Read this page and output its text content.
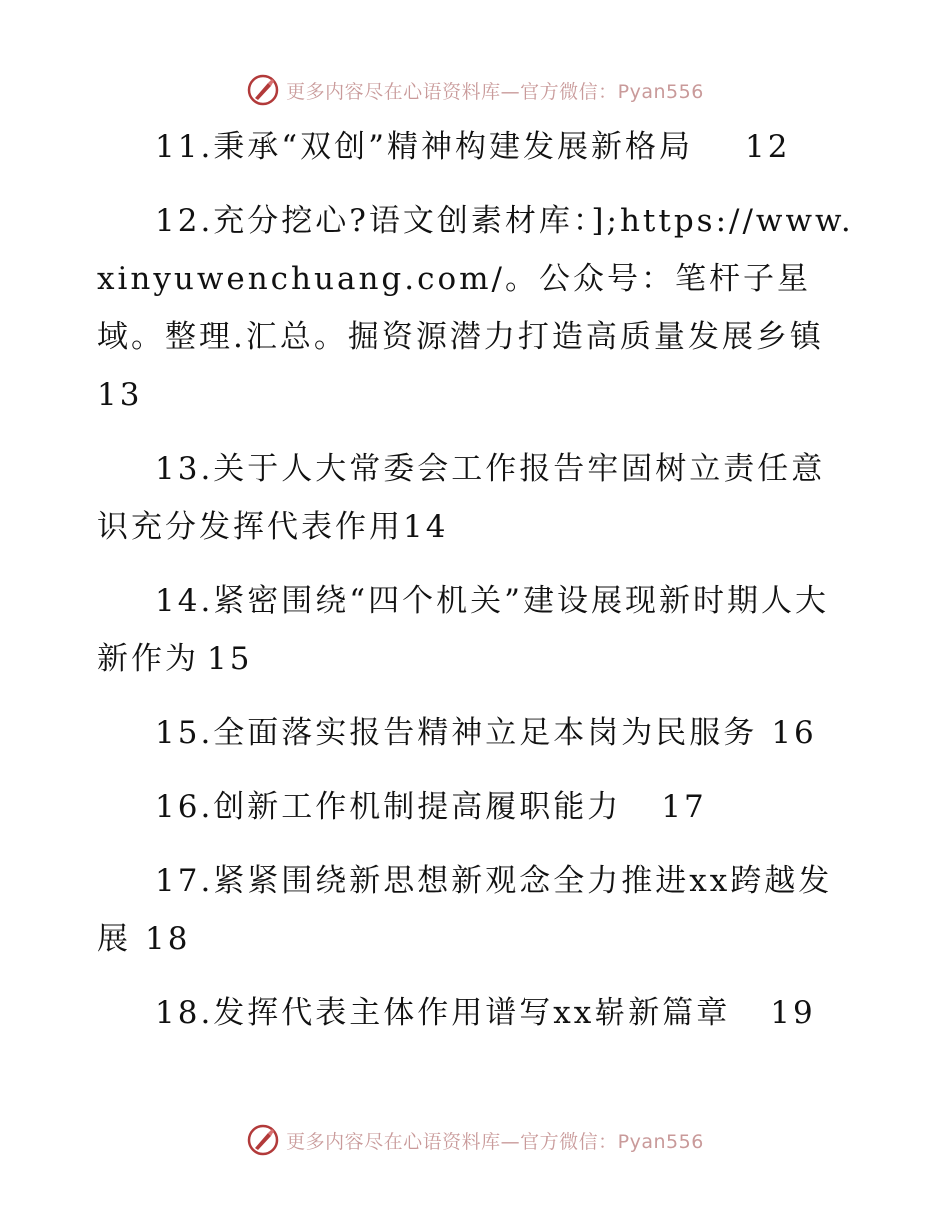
更多内容尽在心语资料库—官方微信：Pyan556

11.秉承“双创”精神构建发展新格局 12

12.充分挖心?语文创素材库：];https://www.xinyuwenchuang.com/。公众号：笔杆子星域。整理.汇总。掘资源潜力打造高质量发展乡镇13

13.关于人大常委会工作报告牢固树立责任意识充分发挥代表作用14

14.紧密围绕“四个机关”建设展现新时期人大新作为 15

15.全面落实报告精神立足本岗为民服务 16

16.创新工作机制提高履职能力 17

17.紧紧围绕新思想新观念全力推进xx跨越发展 18

18.发挥代表主体作用谱写xx崭新篇章 19

更多内容尽在心语资料库—官方微信：Pyan556
